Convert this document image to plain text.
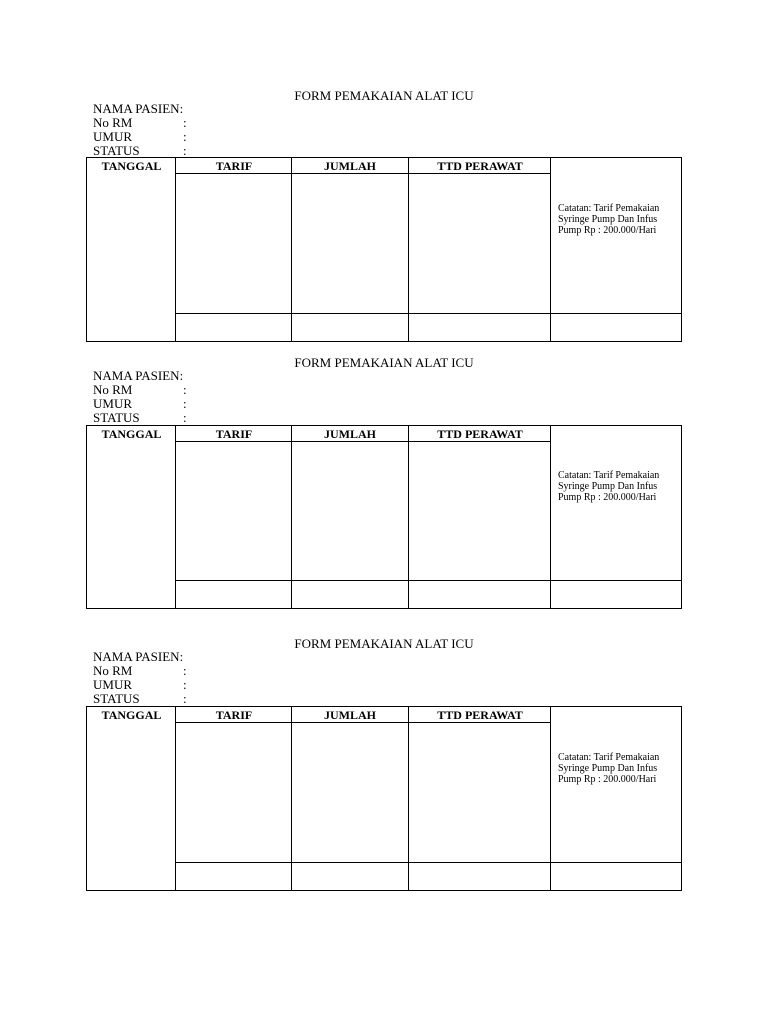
FORM PEMAKAIAN ALAT ICU
NAMA PASIEN:
No RM	:
UMUR	:
STATUS	:
TANGGAL	TARIF	JUMLAH	TTD PERAWAT
Catatan: Tarif Pemakaian
Syringe Pump Dan Infus
Pump Rp : 200.000/Hari
FORM PEMAKAIAN ALAT ICU
NAMA PASIEN:
No RM	:
UMUR	:
STATUS	:
TANGGAL	TARIF	JUMLAH	TTD PERAWAT
Catatan: Tarif Pemakaian
Syringe Pump Dan Infus
Pump Rp : 200.000/Hari
FORM PEMAKAIAN ALAT ICU
NAMA PASIEN:
No RM	:
UMUR	:
STATUS	:
TANGGAL	TARIF	JUMLAH	TTD PERAWAT
Catatan: Tarif Pemakaian
Syringe Pump Dan Infus
Pump Rp : 200.000/Hari
